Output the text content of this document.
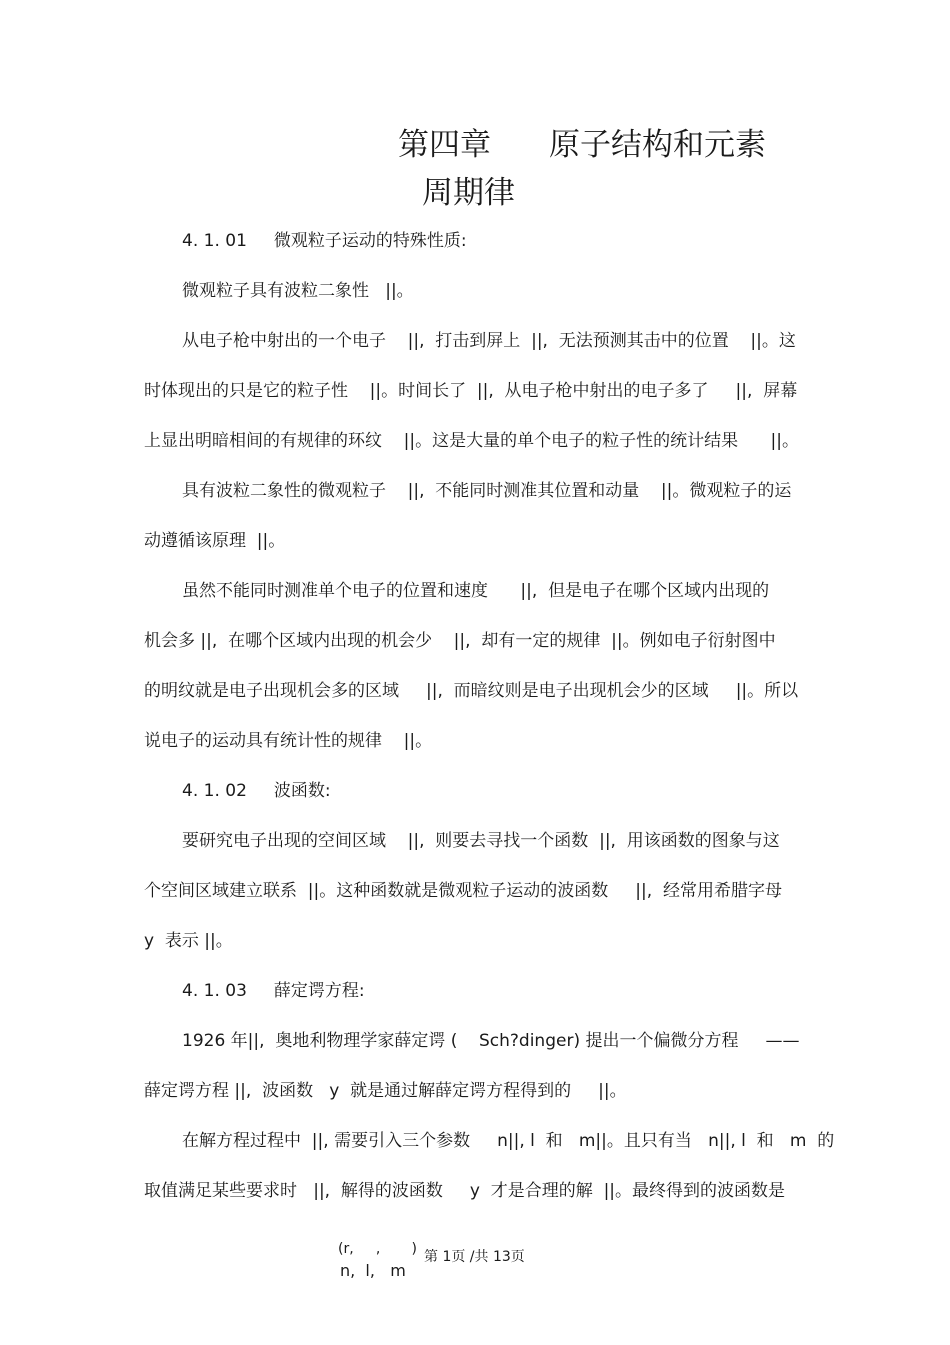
第四章 原子结构和元素
周期律
4. 1. 01     微观粒子运动的特殊性质:
微观粒子具有波粒二象性   ||。
从电子枪中射出的一个电子    ||,  打击到屏上  ||,  无法预测其击中的位置    ||。这
时体现出的只是它的粒子性    ||。时间长了  ||,  从电子枪中射出的电子多了     ||,  屏幕
上显出明暗相间的有规律的环纹    ||。这是大量的单个电子的粒子性的统计结果      ||。
具有波粒二象性的微观粒子    ||,  不能同时测准其位置和动量    ||。微观粒子的运
动遵循该原理  ||。
虽然不能同时测准单个电子的位置和速度      ||,  但是电子在哪个区域内出现的
机会多 ||,  在哪个区域内出现的机会少    ||,  却有一定的规律  ||。例如电子衍射图中
的明纹就是电子出现机会多的区域     ||,  而暗纹则是电子出现机会少的区域     ||。所以
说电子的运动具有统计性的规律    ||。
4. 1. 02     波函数:
要研究电子出现的空间区域    ||,  则要去寻找一个函数  ||,  用该函数的图象与这
个空间区域建立联系  ||。这种函数就是微观粒子运动的波函数     ||,  经常用希腊字母
y  表示 ||。
4. 1. 03     薛定谔方程:
1926 年||,  奥地利物理学家薛定谔 (    Sch?dinger) 提出一个偏微分方程     ——
薛定谔方程 ||,  波函数   y  就是通过解薛定谔方程得到的     ||。
在解方程过程中  ||, 需要引入三个参数     n||, l  和   m||。且只有当   n||, l  和   m  的
取值满足某些要求时   ||,  解得的波函数     y  才是合理的解  ||。最终得到的波函数是
(r,     ,       ) 第 1页 /共 13页
n,  l,   m
